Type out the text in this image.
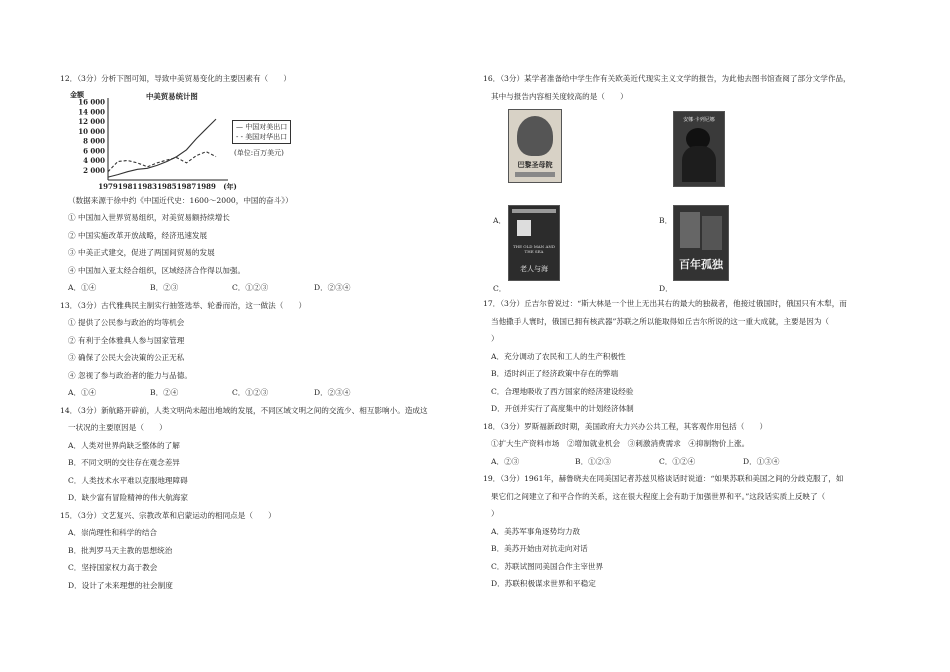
12．（3分）分析下图可知，导致中美贸易变化的主要因素有（　　）
16 000
14 000
12 000
10 000
8 000
6 000
4 000
2 000
1979 1981 1983 1985 1987 1989 (年)
金额	中美贸易统计图
— 中国对美出口
- - 美国对华出口
(单位:百万美元)
（数据来源于徐中约《中国近代史：1600～2000，中国的奋斗》）
① 中国加入世界贸易组织，对美贸易额持续增长
② 中国实施改革开放战略，经济迅速发展
③ 中美正式建交，促进了两国间贸易的发展
④ 中国加入亚太经合组织，区域经济合作得以加强。
A．①④	B．②③	C．①②③	D．②③④
13．（3分）古代雅典民主制实行抽签选举、轮番而治，这一做法（　　）
① 提供了公民参与政治的均等机会
② 有利于全体雅典人参与国家管理
③ 确保了公民大会决策的公正无私
④ 忽视了参与政治者的能力与品德。
A．①④	B．②④	C．①②③	D．②③④
14．（3分）新航路开辟前，人类文明尚未超出地域的发展，不同区域文明之间的交流少、相互影响小。造成这
一状况的主要原因是（　　）
A．人类对世界尚缺乏整体的了解
B．不同文明的交往存在观念差异
C．人类技术水平难以克服地理障碍
D．缺少富有冒险精神的伟大航海家
15．（3分）文艺复兴、宗教改革和启蒙运动的相同点是（　　）
A．崇尚理性和科学的结合
B．批判罗马天主教的思想统治
C．坚持国家权力高于教会
D．设计了未来理想的社会制度
16．（3分）某学者准备给中学生作有关欧美近代现实主义文学的报告，为此他去图书馆查阅了部分文学作品，
其中与报告内容相关度较高的是（　　）
巴黎圣母院
A．
安娜·卡列尼娜
B．
THE OLD MAN AND THE SEA
老人与海
C．
百年孤独
D．
17．（3分）丘吉尔曾说过：“斯大林是一个世上无出其右的最大的独裁者，他接过俄国时，俄国只有木犁，而
当他撒手人寰时，俄国已拥有核武器”苏联之所以能取得如丘吉尔所说的这一重大成就，主要是因为（
）
A．充分调动了农民和工人的生产积极性
B．适时纠正了经济政策中存在的弊端
C．合理地吸收了西方国家的经济建设经验
D．开创并实行了高度集中的计划经济体制
18．（3分）罗斯福新政时期，美国政府大力兴办公共工程，其客观作用包括（　　）
①扩大生产资料市场　②增加就业机会　③刺激消费需求　④抑制物价上涨。
A．②③	B．①②③	C．①②④	D．①③④
19．（3分）1961年，赫鲁晓夫在同美国记者苏兹贝格谈话时说道：“如果苏联和美国之间的分歧克服了，如
果它们之间建立了和平合作的关系，这在很大程度上会有助于加强世界和平。”这段话实质上反映了（
）
A．美苏军事角逐势均力敌
B．美苏开始由对抗走向对话
C．苏联试图同美国合作主宰世界
D．苏联积极谋求世界和平稳定
